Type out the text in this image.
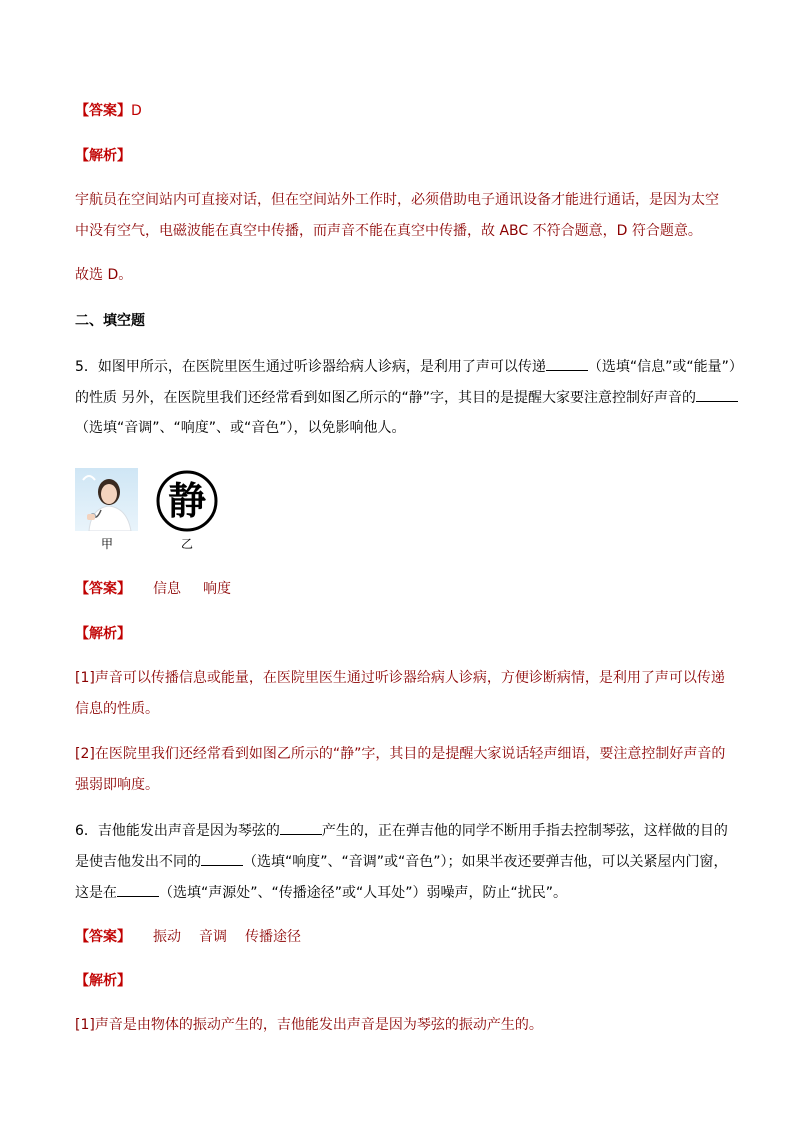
【答案】D
【解析】
宇航员在空间站内可直接对话，但在空间站外工作时，必须借助电子通讯设备才能进行通话，是因为太空
中没有空气，电磁波能在真空中传播，而声音不能在真空中传播，故 ABC 不符合题意，D 符合题意。
故选 D。
二、填空题
5．如图甲所示，在医院里医生通过听诊器给病人诊病，是利用了声可以传递	（选填“信息”或“能量”）
的性质 另外，在医院里我们还经常看到如图乙所示的“静”字，其目的是提醒大家要注意控制好声音的
（选填“音调”、“响度”、或“音色”），以免影响他人。
甲
静
乙
【答案】 信息 响度
【解析】
[1]声音可以传播信息或能量，在医院里医生通过听诊器给病人诊病，方便诊断病情，是利用了声可以传递
信息的性质。
[2]在医院里我们还经常看到如图乙所示的“静”字，其目的是提醒大家说话轻声细语，要注意控制好声音的
强弱即响度。
6．吉他能发出声音是因为琴弦的	产生的，正在弹吉他的同学不断用手指去控制琴弦，这样做的目的
是使吉他发出不同的	（选填“响度”、“音调”或“音色”）；如果半夜还要弹吉他，可以关紧屋内门窗，
这是在	（选填“声源处”、“传播途径”或“人耳处”）弱噪声，防止“扰民”。
【答案】 振动 音调 传播途径
【解析】
[1]声音是由物体的振动产生的，吉他能发出声音是因为琴弦的振动产生的。
